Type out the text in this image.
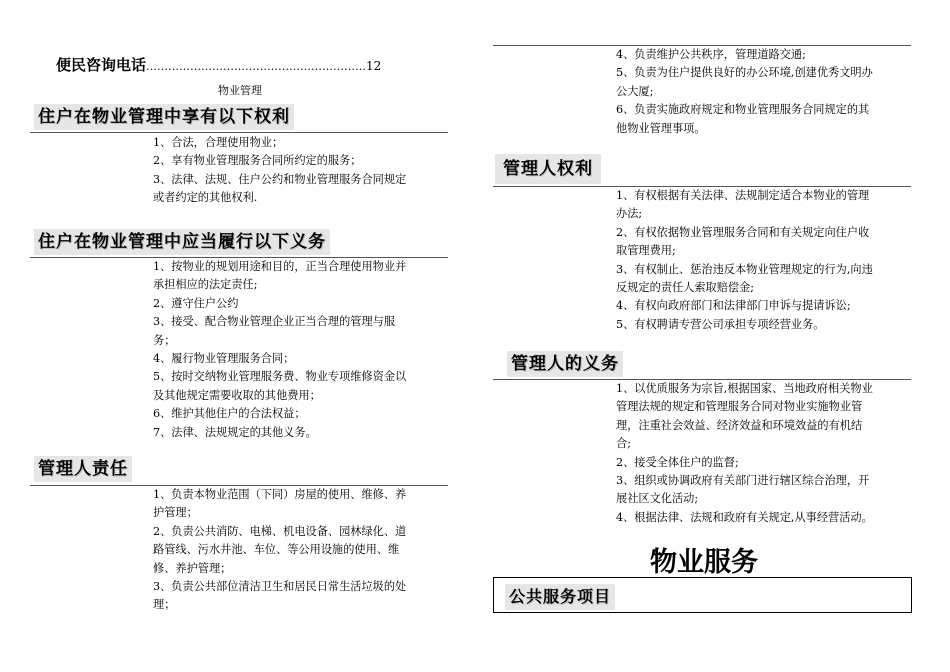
便民咨询电话……………………………………………………12
物业管理
住户在物业管理中享有以下权利
1、合法，合理使用物业；
2、享有物业管理服务合同所约定的服务；
3、法律、法规、住户公约和物业管理服务合同规定
或者约定的其他权利.
住户在物业管理中应当履行以下义务
1、按物业的规划用途和目的，正当合理使用物业并
承担相应的法定责任;
2、遵守住户公约
3、接受、配合物业管理企业正当合理的管理与服
务；
4、履行物业管理服务合同；
5、按时交纳物业管理服务费、物业专项维修资金以
及其他规定需要收取的其他费用；
6、维护其他住户的合法权益；
7、法律、法规规定的其他义务。
管理人责任
1、负责本物业范围（下同）房屋的使用、维修、养
护管理；
2、负责公共消防、电梯、机电设备、园林绿化、道
路管线、污水井池、车位、等公用设施的使用、维
修、养护管理；
3、负责公共部位清洁卫生和居民日常生活垃圾的处
理；
4、负责维护公共秩序，管理道路交通;
5、负责为住户提供良好的办公环境,创建优秀文明办
公大厦;
6、负责实施政府规定和物业管理服务合同规定的其
他物业管理事项。
管理人权利
1、有权根据有关法律、法规制定适合本物业的管理
办法;
2、有权依据物业管理服务合同和有关规定向住户收
取管理费用;
3、有权制止、惩治违反本物业管理规定的行为,向违
反规定的责任人索取赔偿金;
4、有权向政府部门和法律部门申诉与提请诉讼;
5、有权聘请专营公司承担专项经营业务。
管理人的义务
1、以优质服务为宗旨,根据国家、当地政府相关物业
管理法规的规定和管理服务合同对物业实施物业管
理，注重社会效益、经济效益和环境效益的有机结
合;
2、接受全体住户的监督;
3、组织或协调政府有关部门进行辖区综合治理，开
展社区文化活动;
4、根据法律、法规和政府有关规定,从事经营活动。
物业服务
公共服务项目
